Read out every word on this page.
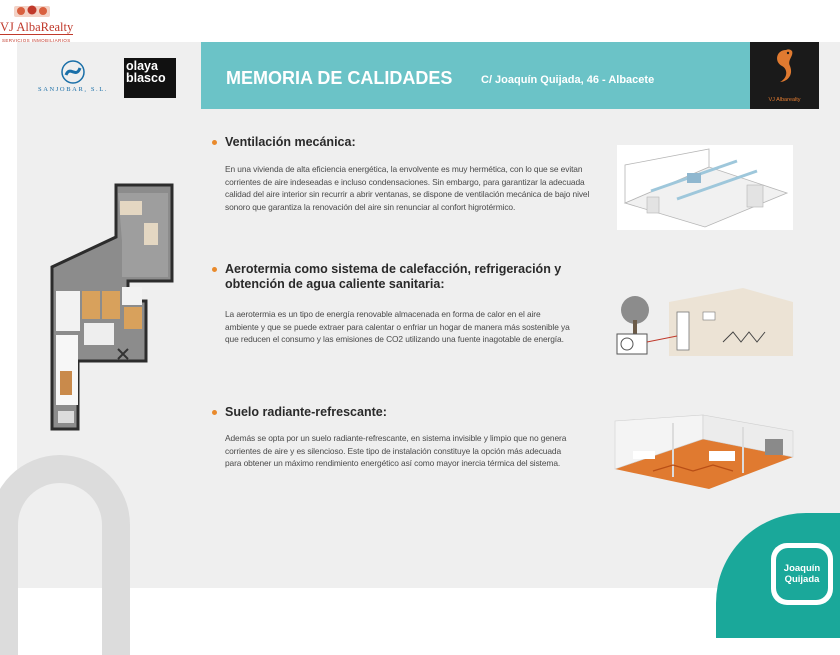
VJ AlbaRealty
SERVICIOS INMOBILIARIOS
SANJOBAR, S.L.
olaya
blasco	MEMORIA DE CALIDADES	C/ Joaquín Quijada, 46 - Albacete
VJ Albarealty
Ventilación mecánica:
En una vivienda de alta eficiencia energética, la envolvente es muy hermética, con lo que se evitan corrientes de aire indeseadas e incluso condensaciones. Sin embargo, para garantizar la adecuada calidad del aire interior sin recurrir a abrir ventanas, se dispone de ventilación mecánica de bajo nivel sonoro que garantiza la renovación del aire sin renunciar al confort higrotérmico.
Aerotermia como sistema de calefacción, refrigeración y obtención de agua caliente sanitaria:
La aerotermia es un tipo de energía renovable almacenada en forma de calor en el aire ambiente y que se puede extraer para calentar o enfriar un hogar de manera más sostenible ya que reducen el consumo y las emisiones de CO2 utilizando una fuente inagotable de energía.
Suelo radiante-refrescante:
Además se opta por un suelo radiante-refrescante, en sistema invisible y limpio que no genera corrientes de aire y es silencioso. Este tipo de instalación constituye la opción más adecuada para obtener un máximo rendimiento energético así como mayor inercia térmica del sistema.
Joaquín
Quijada
